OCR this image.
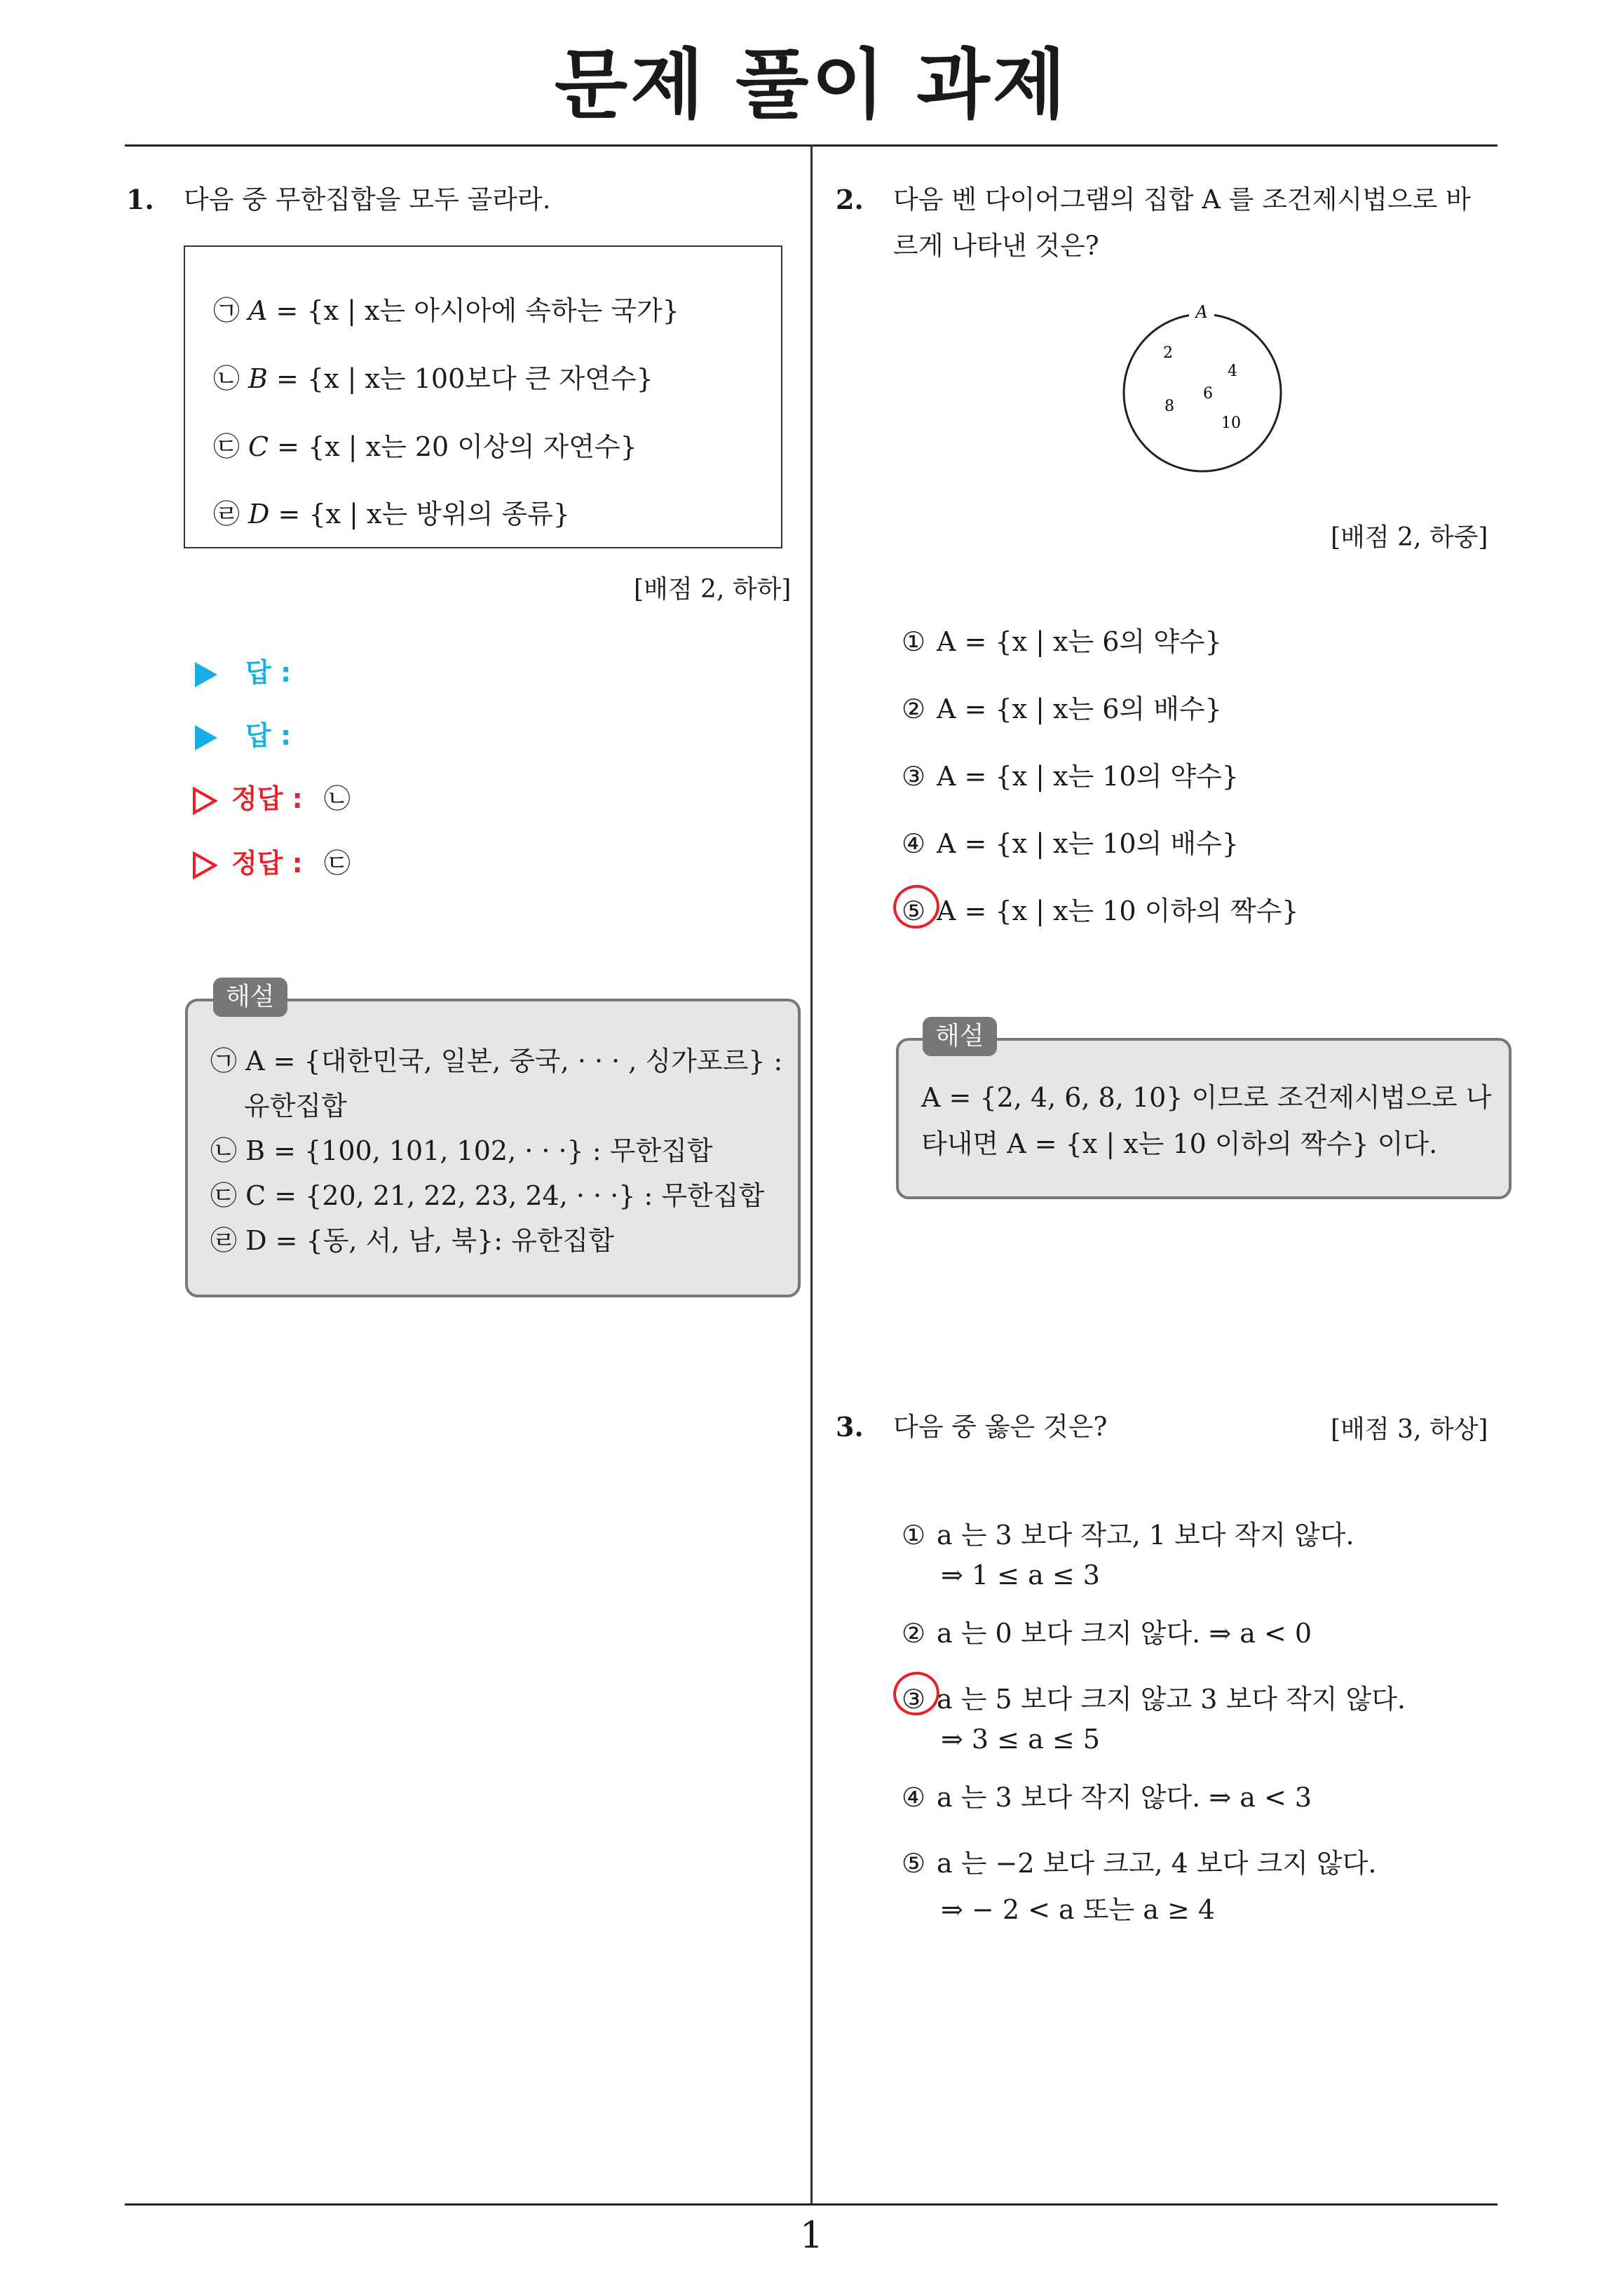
문제 풀이 과제
1
1. 다음 중 무한집합을 모두 골라라.
㉠ A = {x | x는 아시아에 속하는 국가}
㉡ B = {x | x는 100보다 큰 자연수}
㉢ C = {x | x는 20 이상의 자연수}
㉣ D = {x | x는 방위의 종류}
[배점 2, 하하]
답 :
답 :
정답 : ㉡
정답 : ㉢
㉠ A = {대한민국, 일본, 중국, · · · , 싱가포르} :
유한집합
㉡ B = {100, 101, 102, · · ·} : 무한집합
㉢ C = {20, 21, 22, 23, 24, · · ·} : 무한집합
㉣ D = {동, 서, 남, 북}: 유한집합
해설
2. 다음 벤 다이어그램의 집합 A 를 조건제시법으로 바
르게 나타낸 것은?
A
2
4
6
8
10
[배점 2, 하중]
① A = {x | x는 6의 약수}
② A = {x | x는 6의 배수}
③ A = {x | x는 10의 약수}
④ A = {x | x는 10의 배수}
⑤ A = {x | x는 10 이하의 짝수}
A = {2, 4, 6, 8, 10} 이므로 조건제시법으로 나
타내면 A = {x | x는 10 이하의 짝수} 이다.
해설
3. 다음 중 옳은 것은?	[배점 3, 하상]
① a 는 3 보다 작고, 1 보다 작지 않다.
⇒ 1 ≤ a ≤ 3
② a 는 0 보다 크지 않다. ⇒ a < 0
③ a 는 5 보다 크지 않고 3 보다 작지 않다.
⇒ 3 ≤ a ≤ 5
④ a 는 3 보다 작지 않다. ⇒ a < 3
⑤ a 는 −2 보다 크고, 4 보다 크지 않다.
⇒ − 2 < a 또는 a ≥ 4
